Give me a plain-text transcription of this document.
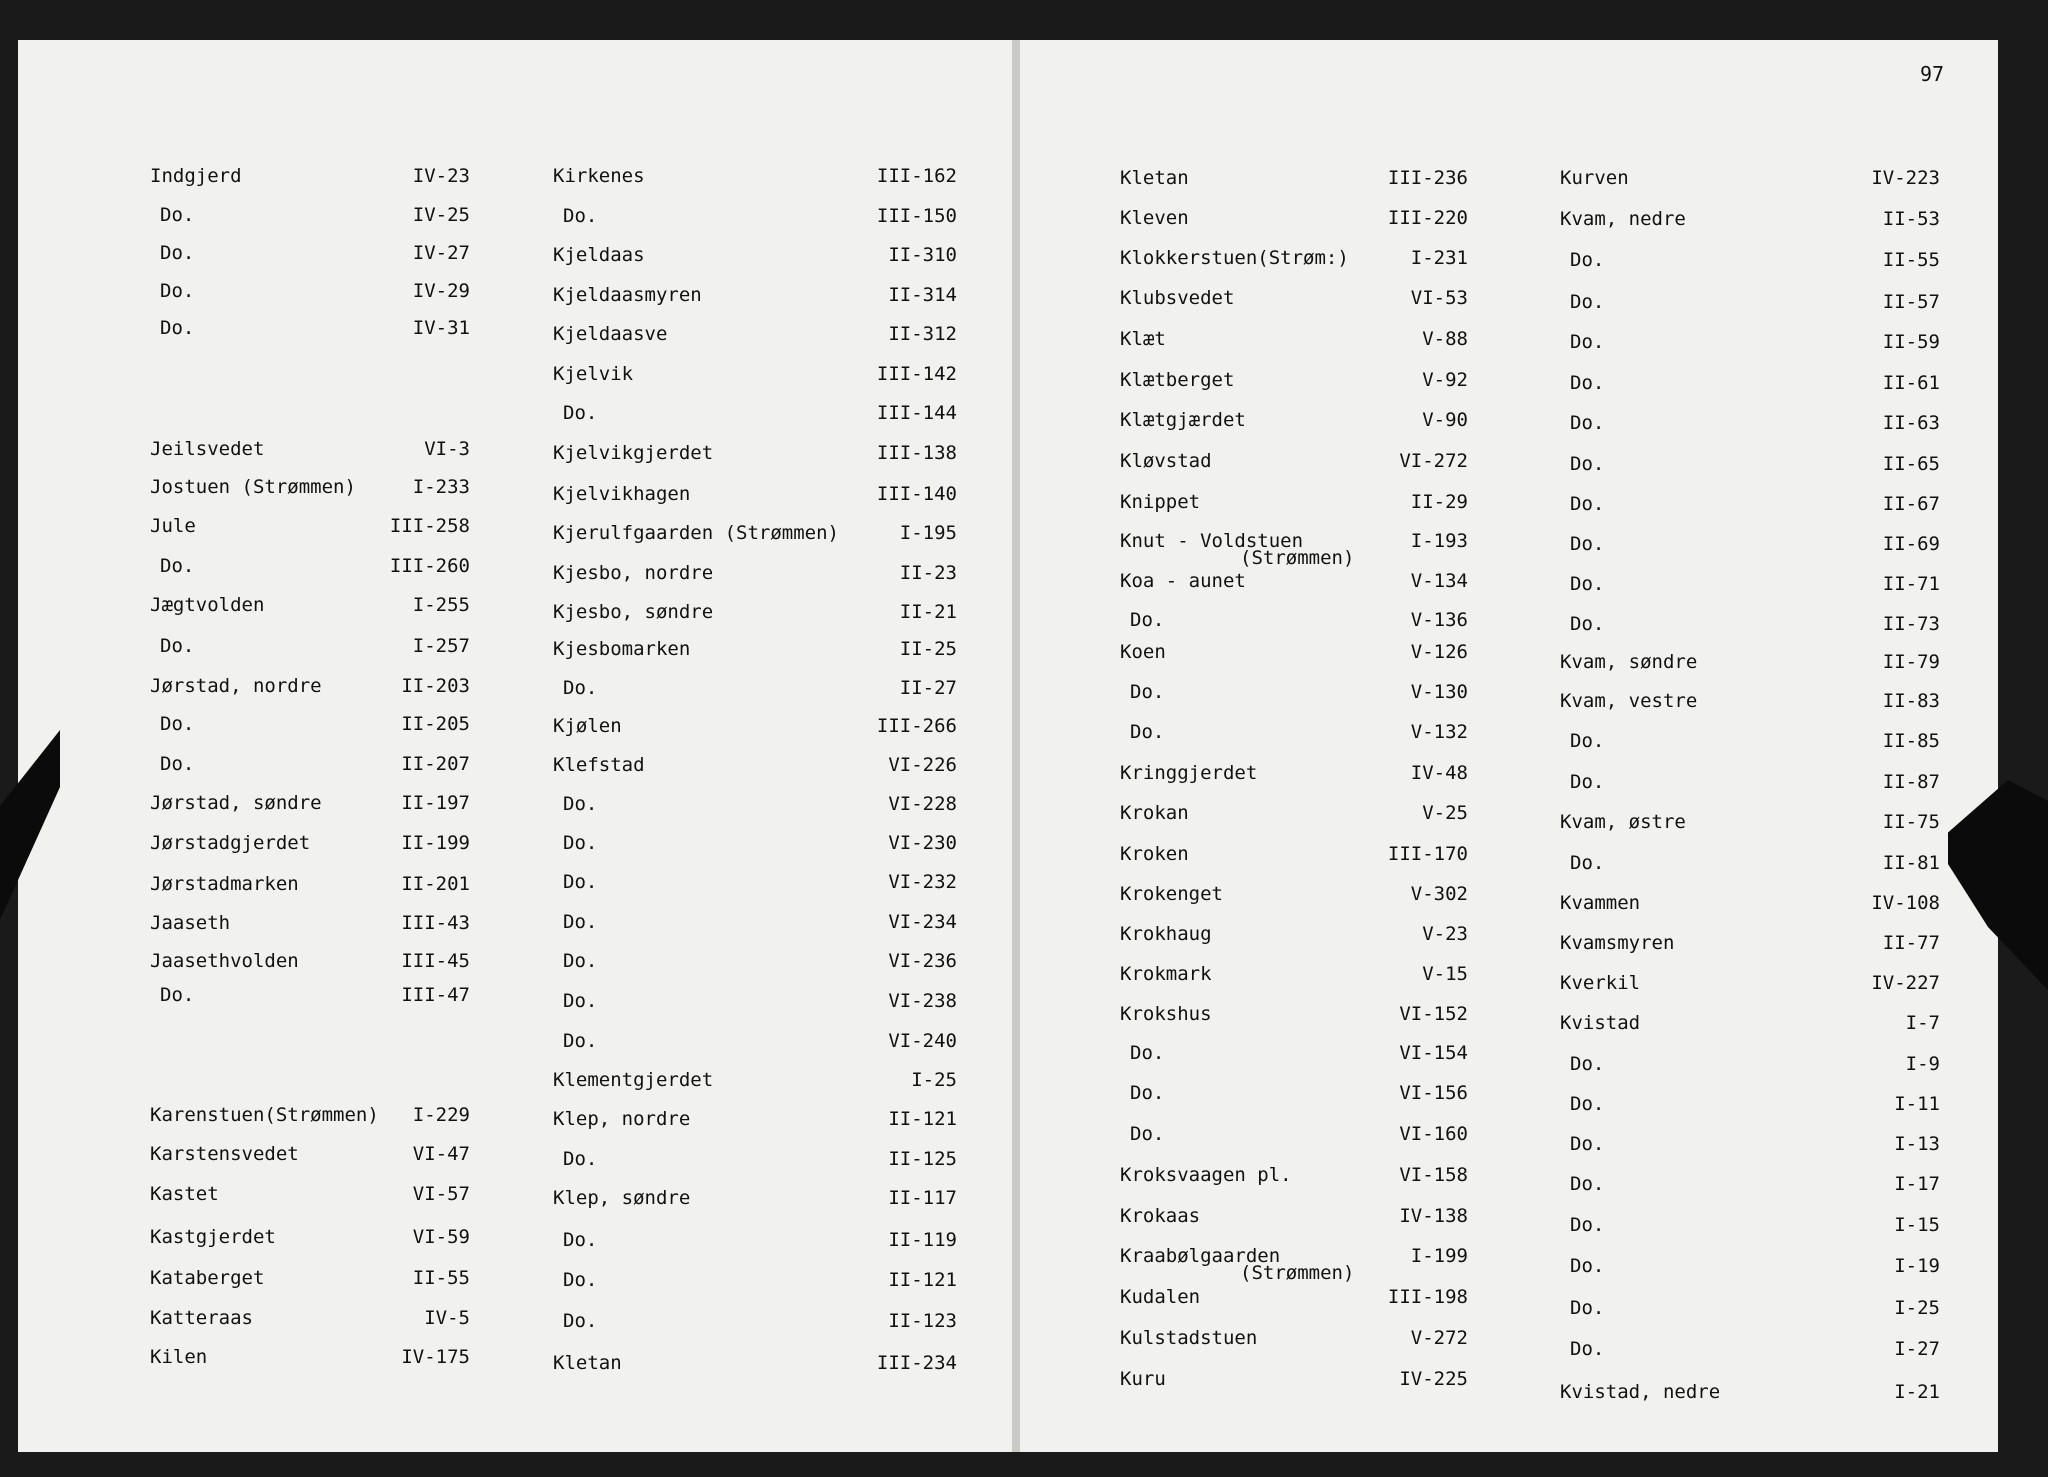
97
Indgjerd	IV-23
Do.	IV-25
Do.	IV-27
Do.	IV-29
Do.	IV-31
Jeilsvedet	VI-3
Jostuen (Strømmen)	I-233
Jule	III-258
Do.	III-260
Jægtvolden	I-255
Do.	I-257
Jørstad, nordre	II-203
Do.	II-205
Do.	II-207
Jørstad, søndre	II-197
Jørstadgjerdet	II-199
Jørstadmarken	II-201
Jaaseth	III-43
Jaasethvolden	III-45
Do.	III-47
Karenstuen(Strømmen) I-229
Karstensvedet	VI-47
Kastet	VI-57
Kastgjerdet	VI-59
Kataberget	II-55
Katteraas	IV-5
Kilen	IV-175
Kirkenes	III-162
Do.	III-150
Kjeldaas	II-310
Kjeldaasmyren	II-314
Kjeldaasve	II-312
Kjelvik	III-142
Do.	III-144
Kjelvikgjerdet	III-138
Kjelvikhagen	III-140
Kjerulfgaarden (Strømmen)	I-195
Kjesbo, nordre	II-23
Kjesbo, søndre	II-21
Kjesbomarken	II-25
Do.	II-27
Kjølen	III-266
Klefstad	VI-226
Do.	VI-228
Do.	VI-230
Do.	VI-232
Do.	VI-234
Do.	VI-236
Do.	VI-238
Do.	VI-240
Klementgjerdet	I-25
Klep, nordre	II-121
Do.	II-125
Klep, søndre	II-117
Do.	II-119
Do.	II-121
Do.	II-123
Kletan	III-234
Kletan	III-236
Kleven	III-220
Klokkerstuen(Strøm:)	I-231
Klubsvedet	VI-53
Klæt	V-88
Klætberget	V-92
Klætgjærdet	V-90
Kløvstad	VI-272
Knippet	II-29
Knut - Voldstuen	I-193
(Strømmen)
Koa - aunet	V-134
Do.	V-136
Koen	V-126
Do.	V-130
Do.	V-132
Kringgjerdet	IV-48
Krokan	V-25
Kroken	III-170
Krokenget	V-302
Krokhaug	V-23
Krokmark	V-15
Krokshus	VI-152
Do.	VI-154
Do.	VI-156
Do.	VI-160
Kroksvaagen pl.	VI-158
Krokaas	IV-138
Kraabølgaarden	I-199
(Strømmen)
Kudalen	III-198
Kulstadstuen	V-272
Kuru	IV-225
Kurven	IV-223
Kvam, nedre	II-53
Do.	II-55
Do.	II-57
Do.	II-59
Do.	II-61
Do.	II-63
Do.	II-65
Do.	II-67
Do.	II-69
Do.	II-71
Do.	II-73
Kvam, søndre	II-79
Kvam, vestre	II-83
Do.	II-85
Do.	II-87
Kvam, østre	II-75
Do.	II-81
Kvammen	IV-108
Kvamsmyren	II-77
Kverkil	IV-227
Kvistad	I-7
Do.	I-9
Do.	I-11
Do.	I-13
Do.	I-17
Do.	I-15
Do.	I-19
Do.	I-25
Do.	I-27
Kvistad, nedre	I-21
